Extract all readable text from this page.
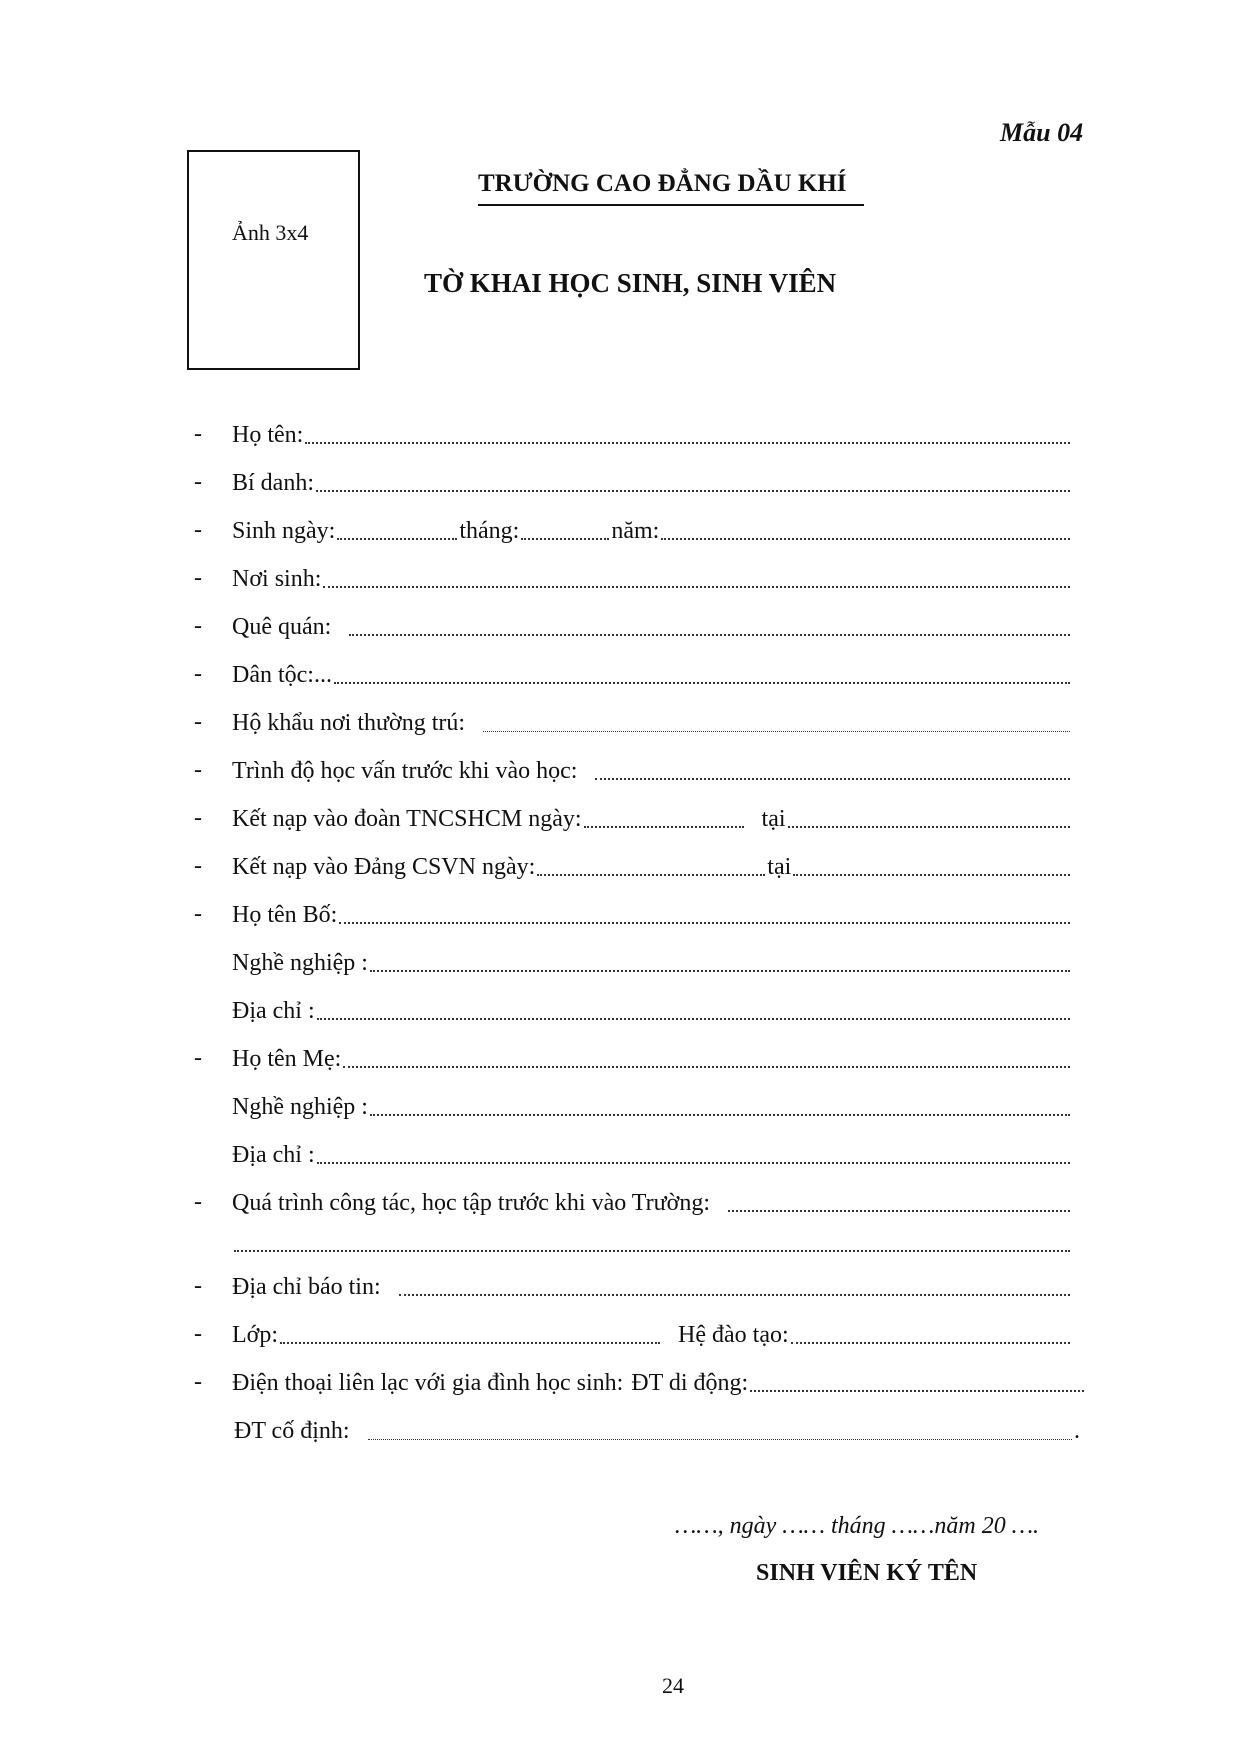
Mẫu 04
Ảnh 3x4
TRƯỜNG CAO ĐẲNG DẦU KHÍ
TỜ KHAI HỌC SINH, SINH VIÊN
- Họ tên:
- Bí danh:
- Sinh ngày:	tháng:	năm:
- Nơi sinh:
- Quê quán:
- Dân tộc:...
- Hộ khẩu nơi thường trú:
- Trình độ học vấn trước khi vào học:
- Kết nạp vào đoàn TNCSHCM ngày:	tại
- Kết nạp vào Đảng CSVN ngày:	tại
- Họ tên Bố:
Nghề nghiệp :
Địa chỉ :
- Họ tên Mẹ:
Nghề nghiệp :
Địa chỉ :
- Quá trình công tác, học tập trước khi vào Trường:
- Địa chỉ báo tin:
- Lớp:	Hệ đào tạo:
- Điện thoại liên lạc với gia đình học sinh: ĐT di động:
ĐT cố định:	.
……, ngày …… tháng ……năm 20 ….
SINH VIÊN KÝ TÊN
24
